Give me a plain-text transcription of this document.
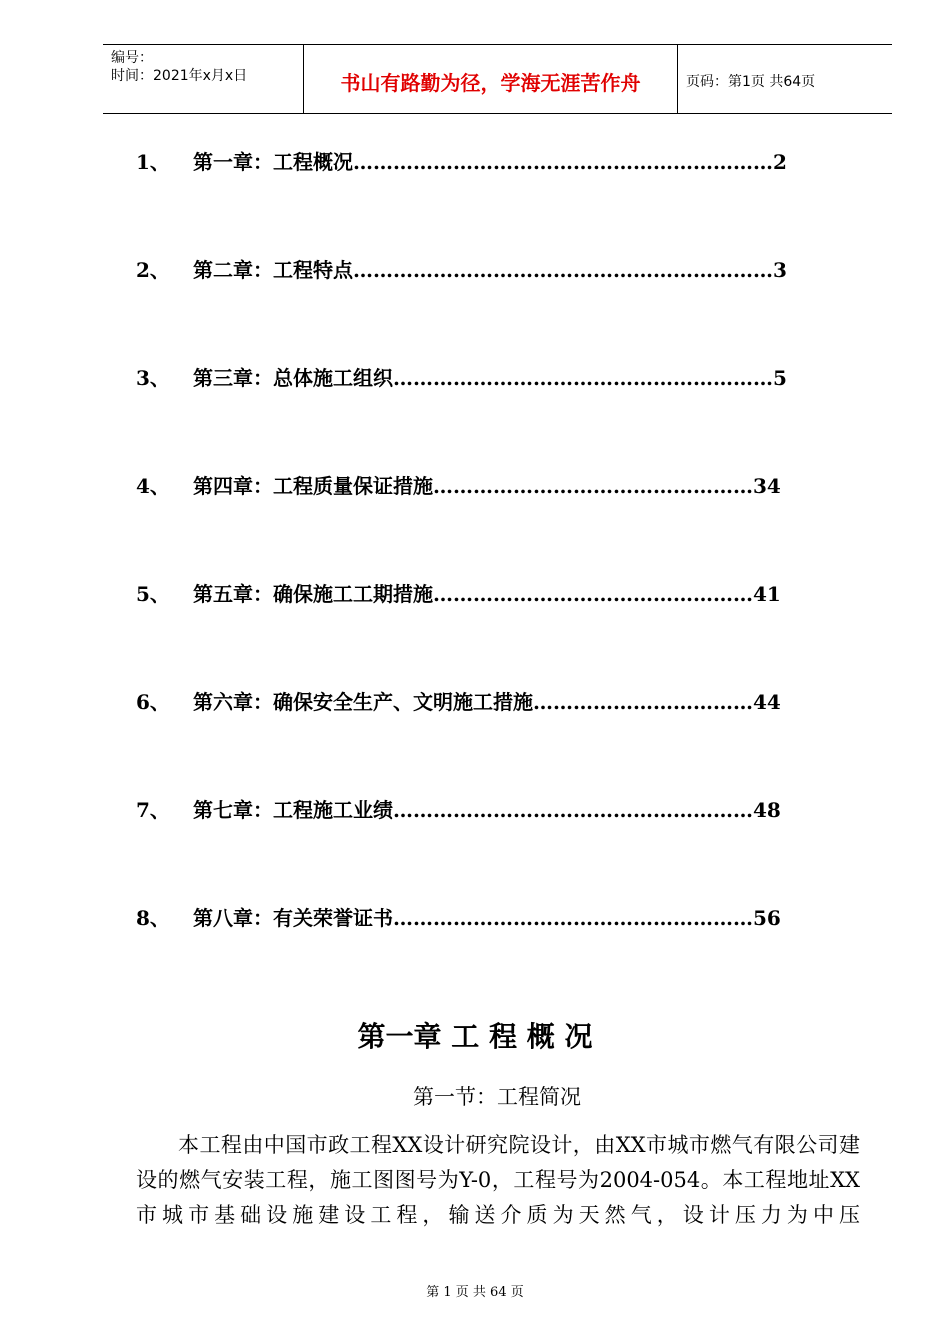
编号：
时间：2021年x月x日	书山有路勤为径，学海无涯苦作舟	页码：第1页 共64页
1、 第一章：工程概况………………………………………………………2
2、 第二章：工程特点………………………………………………………3
3、 第三章：总体施工组织…………………………………………………5
4、 第四章：工程质量保证措施…………………………………………34
5、 第五章：确保施工工期措施…………………………………………41
6、 第六章：确保安全生产、文明施工措施……………………………44
7、 第七章：工程施工业绩………………………………………………48
8、 第八章：有关荣誉证书………………………………………………56
第一章 工 程 概 况
第一节：工程简况
本工程由中国市政工程XX设计研究院设计，由XX市城市燃气有限公司建设的燃气安装工程，施工图图号为Y-0，工程号为2004-054。本工程地址XX市城市基础设施建设工程，输送介质为天然气，设计压力为中压
第 1 页 共 64 页
